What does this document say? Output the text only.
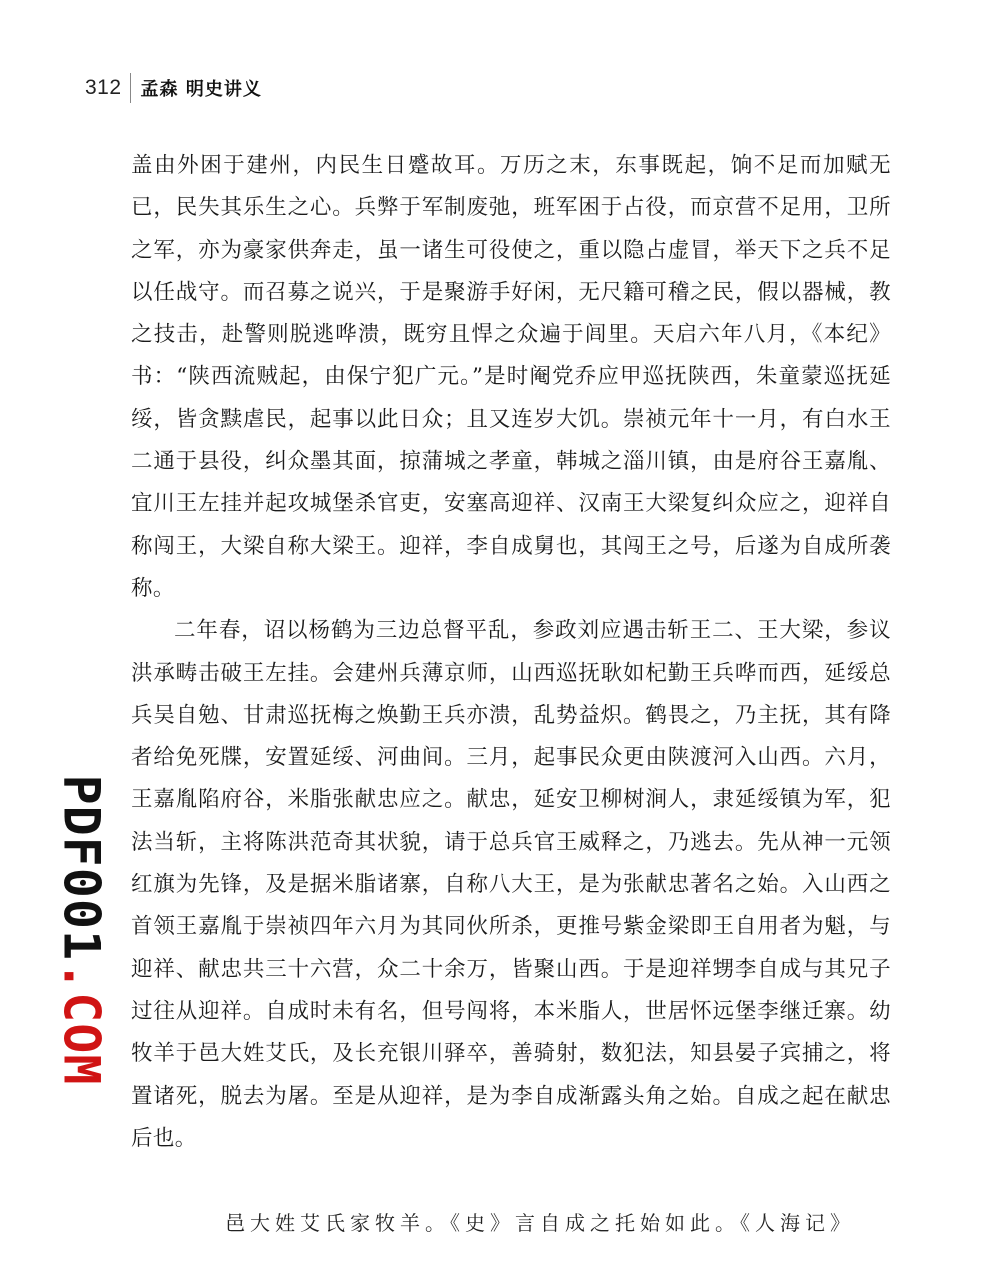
312 孟森 明史讲义

盖由外困于建州，内民生日蹙故耳。万历之末，东事既起，饷不足而加赋无已，民失其乐生之心。兵弊于军制废弛，班军困于占役，而京营不足用，卫所之军，亦为豪家供奔走，虽一诸生可役使之，重以隐占虚冒，举天下之兵不足以任战守。而召募之说兴，于是聚游手好闲，无尺籍可稽之民，假以器械，教之技击，赴警则脱逃哗溃，既穷且悍之众遍于闾里。天启六年八月，《本纪》书：“陕西流贼起，由保宁犯广元。”是时阉党乔应甲巡抚陕西，朱童蒙巡抚延绥，皆贪黩虐民，起事以此日众；且又连岁大饥。崇祯元年十一月，有白水王二通于县役，纠众墨其面，掠蒲城之孝童，韩城之淄川镇，由是府谷王嘉胤、宜川王左挂并起攻城堡杀官吏，安塞高迎祥、汉南王大梁复纠众应之，迎祥自称闯王，大梁自称大梁王。迎祥，李自成舅也，其闯王之号，后遂为自成所袭称。

二年春，诏以杨鹤为三边总督平乱，参政刘应遇击斩王二、王大梁，参议洪承畴击破王左挂。会建州兵薄京师，山西巡抚耿如杞勤王兵哗而西，延绥总兵吴自勉、甘肃巡抚梅之焕勤王兵亦溃，乱势益炽。鹤畏之，乃主抚，其有降者给免死牒，安置延绥、河曲间。三月，起事民众更由陕渡河入山西。六月，王嘉胤陷府谷，米脂张献忠应之。献忠，延安卫柳树涧人，隶延绥镇为军，犯法当斩，主将陈洪范奇其状貌，请于总兵官王威释之，乃逃去。先从神一元领红旗为先锋，及是据米脂诸寨，自称八大王，是为张献忠著名之始。入山西之首领王嘉胤于崇祯四年六月为其同伙所杀，更推号紫金梁即王自用者为魁，与迎祥、献忠共三十六营，众二十余万，皆聚山西。于是迎祥甥李自成与其兄子过往从迎祥。自成时未有名，但号闯将，本米脂人，世居怀远堡李继迁寨。幼牧羊于邑大姓艾氏，及长充银川驿卒，善骑射，数犯法，知县晏子宾捕之，将置诸死，脱去为屠。至是从迎祥，是为李自成渐露头角之始。自成之起在献忠后也。

PDF001.COM
邑大姓艾氏家牧羊。《史》言自成之托始如此。《人海记》
